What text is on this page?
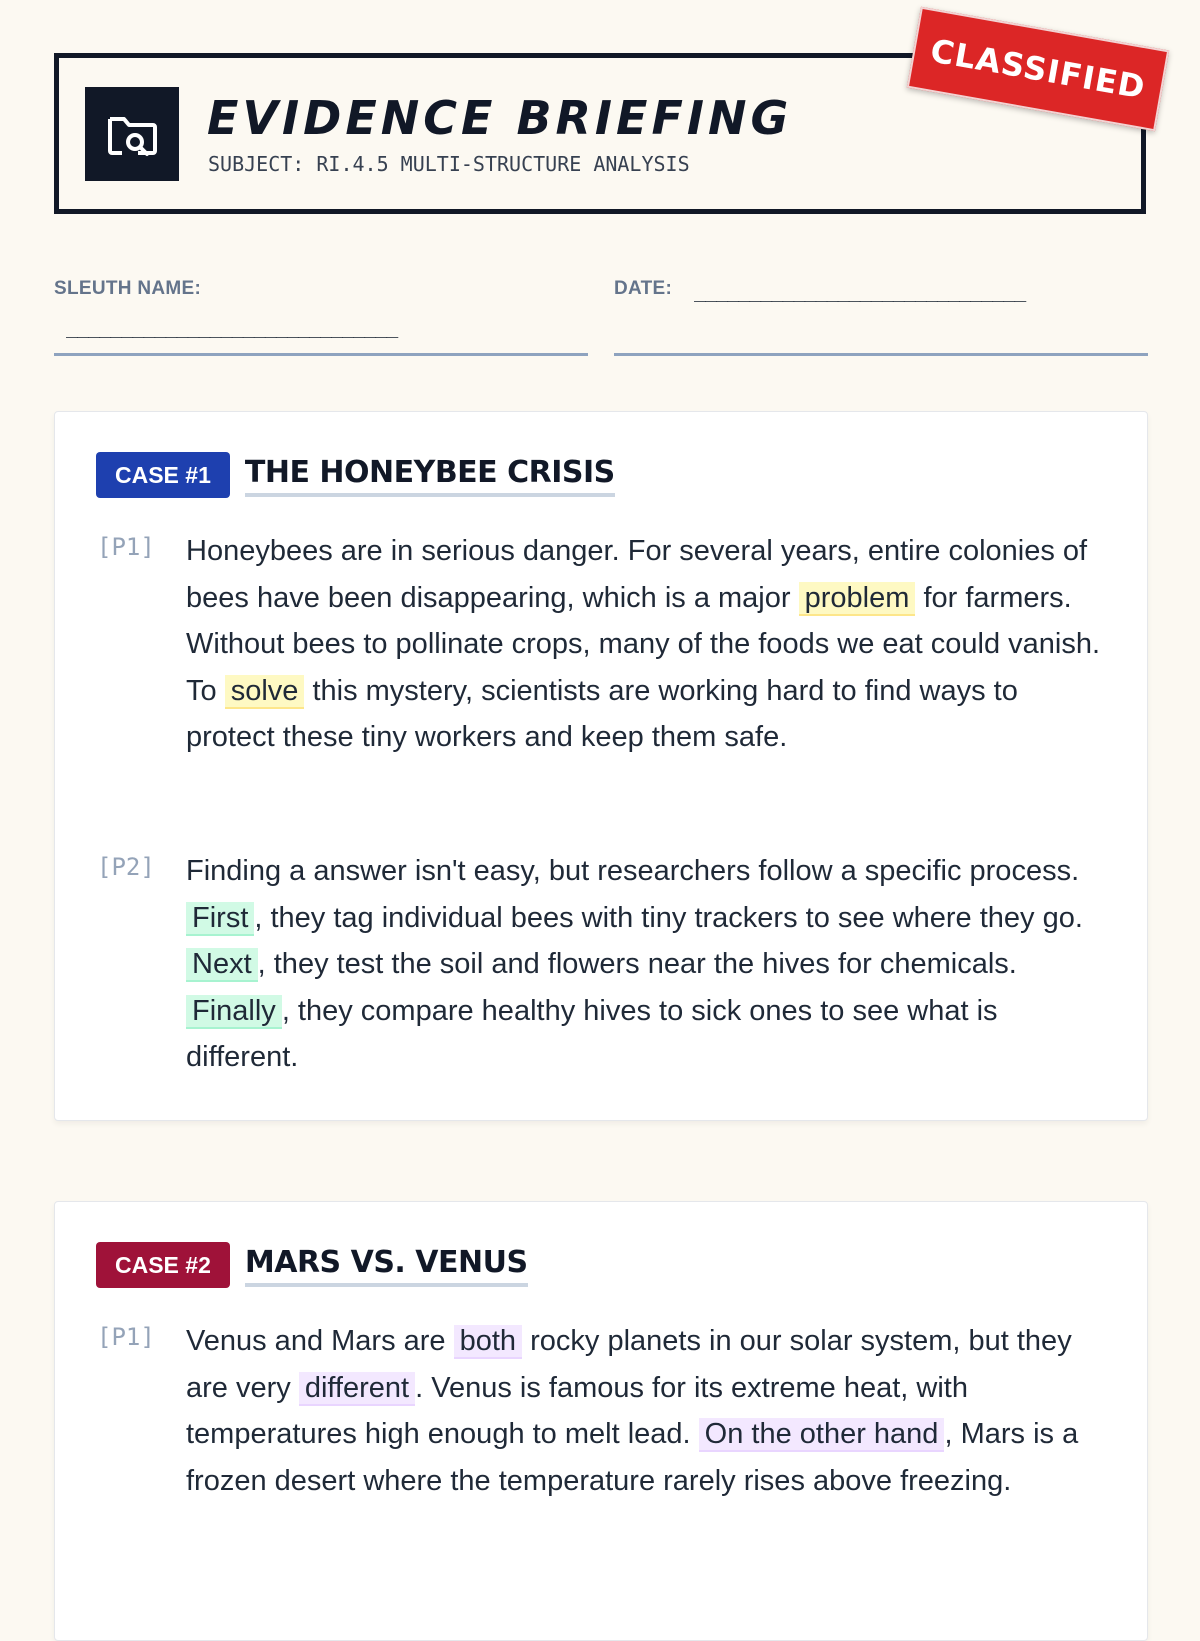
EVIDENCE BRIEFING
SUBJECT: RI.4.5 MULTI-STRUCTURE ANALYSIS
CLASSIFIED
SLEUTH NAME:
______________________________
DATE: ______________________________
CASE #1	THE HONEYBEE CRISIS
[P1] Honeybees are in serious danger. For several years, entire colonies of bees have been disappearing, which is a major problem for farmers. Without bees to pollinate crops, many of the foods we eat could vanish. To solve this mystery, scientists are working hard to find ways to protect these tiny workers and keep them safe.
[P2] Finding a answer isn't easy, but researchers follow a specific process. First , they tag individual bees with tiny trackers to see where they go. Next , they test the soil and flowers near the hives for chemicals. Finally , they compare healthy hives to sick ones to see what is different.
CASE #2	MARS VS. VENUS
[P1] Venus and Mars are both rocky planets in our solar system, but they are very different . Venus is famous for its extreme heat, with temperatures high enough to melt lead. On the other hand , Mars is a frozen desert where the temperature rarely rises above freezing.
